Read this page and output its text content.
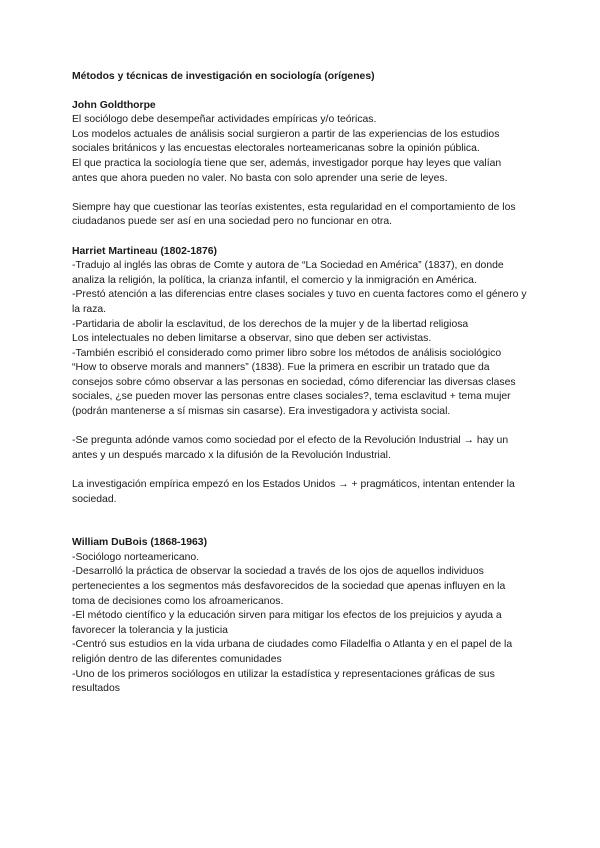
Métodos y técnicas de investigación en sociología (orígenes)

John Goldthorpe

El sociólogo debe desempeñar actividades empíricas y/o teóricas.

Los modelos actuales de análisis social surgieron a partir de las experiencias de los estudios sociales británicos y las encuestas electorales norteamericanas sobre la opinión pública.

El que practica la sociología tiene que ser, además, investigador porque hay leyes que valían antes que ahora pueden no valer. No basta con solo aprender una serie de leyes.

Siempre hay que cuestionar las teorías existentes, esta regularidad en el comportamiento de los ciudadanos puede ser así en una sociedad pero no funcionar en otra.

Harriet Martineau (1802-1876)

-Tradujo al inglés las obras de Comte y autora de “La Sociedad en América” (1837), en donde analiza la religión, la política, la crianza infantil, el comercio y la inmigración en América.

-Prestó atención a las diferencias entre clases sociales y tuvo en cuenta factores como el género y la raza.

-Partidaria de abolir la esclavitud, de los derechos de la mujer y de la libertad religiosa

Los intelectuales no deben limitarse a observar, sino que deben ser activistas.

-También escribió el considerado como primer libro sobre los métodos de análisis sociológico “How to observe morals and manners” (1838). Fue la primera en escribir un tratado que da consejos sobre cómo observar a las personas en sociedad, cómo diferenciar las diversas clases sociales, ¿se pueden mover las personas entre clases sociales?, tema esclavitud + tema mujer (podrán mantenerse a sí mismas sin casarse). Era investigadora y activista social.

-Se pregunta adónde vamos como sociedad por el efecto de la Revolución Industrial → hay un antes y un después marcado x la difusión de la Revolución Industrial.

La investigación empírica empezó en los Estados Unidos → + pragmáticos, intentan entender la sociedad.

William DuBois (1868-1963)

-Sociólogo norteamericano.

-Desarrolló la práctica de observar la sociedad a través de los ojos de aquellos individuos pertenecientes a los segmentos más desfavorecidos de la sociedad que apenas influyen en la toma de decisiones como los afroamericanos.

-El método científico y la educación sirven para mitigar los efectos de los prejuicios y ayuda a favorecer la tolerancia y la justicia

-Centró sus estudios en la vida urbana de ciudades como Filadelfia o Atlanta y en el papel de la religión dentro de las diferentes comunidades

-Uno de los primeros sociólogos en utilizar la estadística y representaciones gráficas de sus resultados
